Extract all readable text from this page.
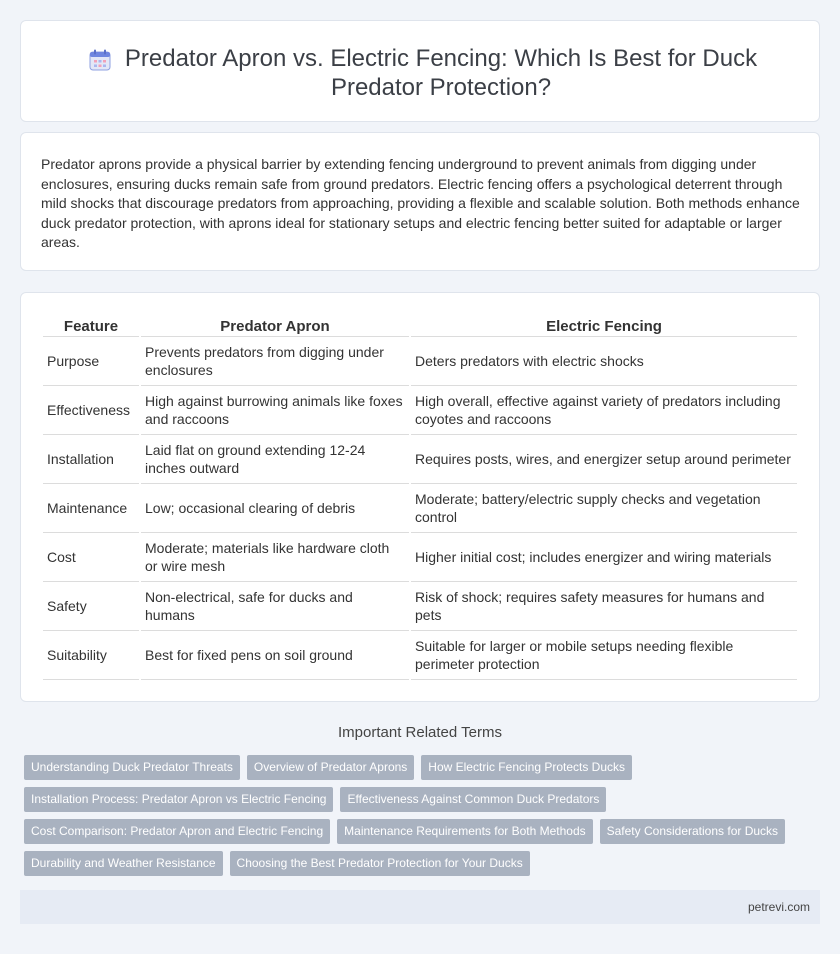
Predator Apron vs. Electric Fencing: Which Is Best for Duck Predator Protection?

Predator aprons provide a physical barrier by extending fencing underground to prevent animals from digging under enclosures, ensuring ducks remain safe from ground predators. Electric fencing offers a psychological deterrent through mild shocks that discourage predators from approaching, providing a flexible and scalable solution. Both methods enhance duck predator protection, with aprons ideal for stationary setups and electric fencing better suited for adaptable or larger areas.

Feature	Predator Apron	Electric Fencing
Purpose	Prevents predators from digging under enclosures	Deters predators with electric shocks
Effectiveness	High against burrowing animals like foxes and raccoons	High overall, effective against variety of predators including coyotes and raccoons
Installation	Laid flat on ground extending 12-24 inches outward	Requires posts, wires, and energizer setup around perimeter
Maintenance	Low; occasional clearing of debris	Moderate; battery/electric supply checks and vegetation control
Cost	Moderate; materials like hardware cloth or wire mesh	Higher initial cost; includes energizer and wiring materials
Safety	Non-electrical, safe for ducks and humans	Risk of shock; requires safety measures for humans and pets
Suitability	Best for fixed pens on soil ground	Suitable for larger or mobile setups needing flexible perimeter protection
Important Related Terms
Understanding Duck Predator Threats	Overview of Predator Aprons	How Electric Fencing Protects Ducks
Installation Process: Predator Apron vs Electric Fencing	Effectiveness Against Common Duck Predators
Cost Comparison: Predator Apron and Electric Fencing	Maintenance Requirements for Both Methods	Safety Considerations for Ducks
Durability and Weather Resistance	Choosing the Best Predator Protection for Your Ducks
petrevi.com
